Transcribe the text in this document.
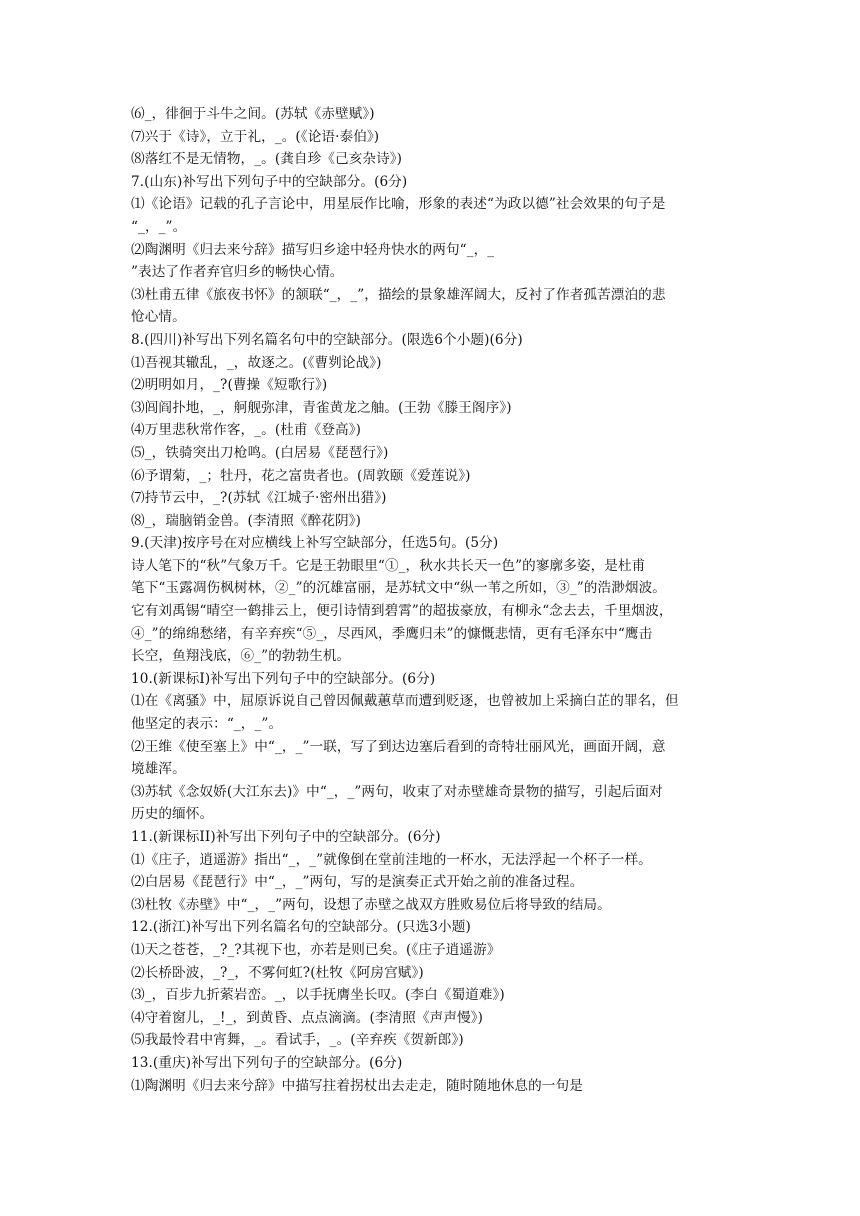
⑹_，徘徊于斗牛之间。(苏轼《赤壁赋》)
⑺兴于《诗》，立于礼，_。(《论语·泰伯》)
⑻落红不是无情物，_。(龚自珍《己亥杂诗》)
7.(山东)补写出下列句子中的空缺部分。(6分)
⑴《论语》记载的孔子言论中，用星辰作比喻，形象的表述“为政以德”社会效果的句子是
“_，_”。
⑵陶渊明《归去来兮辞》描写归乡途中轻舟快水的两句“_，_
”表达了作者弃官归乡的畅快心情。
⑶杜甫五律《旅夜书怀》的颔联“_，_”，描绘的景象雄浑阔大，反衬了作者孤苦漂泊的悲
怆心情。
8.(四川)补写出下列名篇名句中的空缺部分。(限选6个小题)(6分)
⑴吾视其辙乱，_，故逐之。(《曹刿论战》)
⑵明明如月，_?(曹操《短歌行》)
⑶闾阎扑地，_，舸舰弥津，青雀黄龙之舳。(王勃《滕王阁序》)
⑷万里悲秋常作客，_。(杜甫《登高》)
⑸_，铁骑突出刀枪鸣。(白居易《琵琶行》)
⑹予谓菊，_；牡丹，花之富贵者也。(周敦颐《爱莲说》)
⑺持节云中，_?(苏轼《江城子·密州出猎》)
⑻_，瑞脑销金兽。(李清照《醉花阴》)
9.(天津)按序号在对应横线上补写空缺部分，任选5句。(5分)
诗人笔下的“秋”气象万千。它是王勃眼里“①_，秋水共长天一色”的寥廓多姿，是杜甫
笔下“玉露凋伤枫树林，②_”的沉雄富丽，是苏轼文中“纵一苇之所如，③_”的浩渺烟波。
它有刘禹锡“晴空一鹤排云上，便引诗情到碧霄”的超拔豪放，有柳永“念去去，千里烟波，
④_”的绵绵愁绪，有辛弃疾“⑤_，尽西风，季鹰归未”的慷慨悲情，更有毛泽东中“鹰击
长空，鱼翔浅底，⑥_”的勃勃生机。
10.(新课标I)补写出下列句子中的空缺部分。(6分)
⑴在《离骚》中，屈原诉说自己曾因佩戴蕙草而遭到贬逐，也曾被加上采摘白芷的罪名，但
他坚定的表示：“_，_”。
⑵王维《使至塞上》中“_，_”一联，写了到达边塞后看到的奇特壮丽风光，画面开阔，意
境雄浑。
⑶苏轼《念奴娇(大江东去)》中“_，_”两句，收束了对赤壁雄奇景物的描写，引起后面对
历史的缅怀。
11.(新课标II)补写出下列句子中的空缺部分。(6分)
⑴《庄子，逍遥游》指出“_，_”就像倒在堂前洼地的一杯水，无法浮起一个杯子一样。
⑵白居易《琵琶行》中“_，_”两句，写的是演奏正式开始之前的准备过程。
⑶杜牧《赤壁》中“_，_”两句，设想了赤壁之战双方胜败易位后将导致的结局。
12.(浙江)补写出下列名篇名句的空缺部分。(只选3小题)
⑴天之苍苍，_?_?其视下也，亦若是则已矣。(《庄子逍遥游》
⑵长桥卧波，_?_，不雾何虹?(杜牧《阿房宫赋》)
⑶_，百步九折萦岩峦。_，以手抚膺坐长叹。(李白《蜀道难》)
⑷守着窗儿，_!_，到黄昏、点点滴滴。(李清照《声声慢》)
⑸我最怜君中宵舞，_。看试手，_。(辛弃疾《贺新郎》)
13.(重庆)补写出下列句子的空缺部分。(6分)
⑴陶渊明《归去来兮辞》中描写拄着拐杖出去走走，随时随地休息的一句是
